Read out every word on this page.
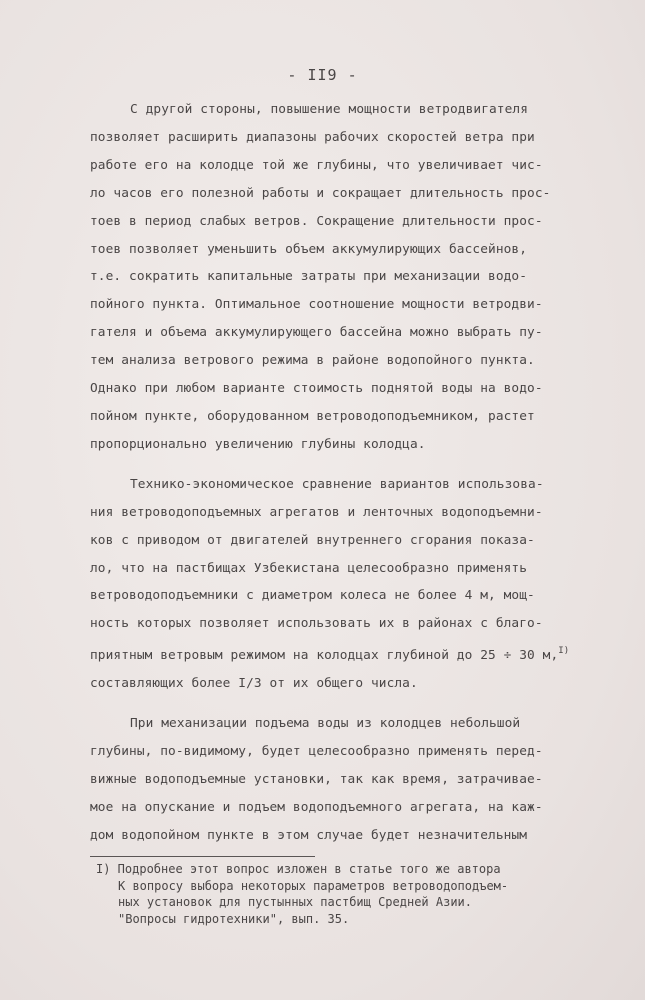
- II9 -
С другой стороны, повышение мощности ветродвигателя
позволяет расширить диапазоны рабочих скоростей ветра при
работе его на колодце той же глубины, что увеличивает чис-
ло часов его полезной работы и сокращает длительность прос-
тоев в период слабых ветров. Сокращение длительности прос-
тоев позволяет уменьшить объем аккумулирующих бассейнов,
т.е. сократить капитальные затраты при механизации водо-
пойного пункта. Оптимальное соотношение мощности ветродви-
гателя и объема аккумулирующего бассейна можно выбрать пу-
тем анализа ветрового режима в районе водопойного пункта.
Однако при любом варианте стоимость поднятой воды на водо-
пойном пункте, оборудованном ветроводоподъемником, растет
пропорционально увеличению глубины колодца.
Технико-экономическое сравнение вариантов использова-
ния ветроводоподъемных агрегатов и ленточных водоподъемни-
ков с приводом от двигателей внутреннего сгорания показа-
ло, что на пастбищах Узбекистана целесообразно применять
ветроводоподъемники с диаметром колеса не более 4 м, мощ-
ность которых позволяет использовать их в районах с благо-
приятным ветровым режимом на колодцах глубиной до 25 ÷ 30 м,$^{I)}$
составляющих более I/3 от их общего числа.
При механизации подъема воды из колодцев небольшой
глубины, по-видимому, будет целесообразно применять перед-
вижные водоподъемные установки, так как время, затрачивае-
мое на опускание и подъем водоподъемного агрегата, на каж-
дом водопойном пункте в этом случае будет незначительным
I) Подробнее этот вопрос изложен в статье того же автора
К вопросу выбора некоторых параметров ветроводоподъем-
ных установок для пустынных пастбищ Средней Азии.
"Вопросы гидротехники", вып. 35.
